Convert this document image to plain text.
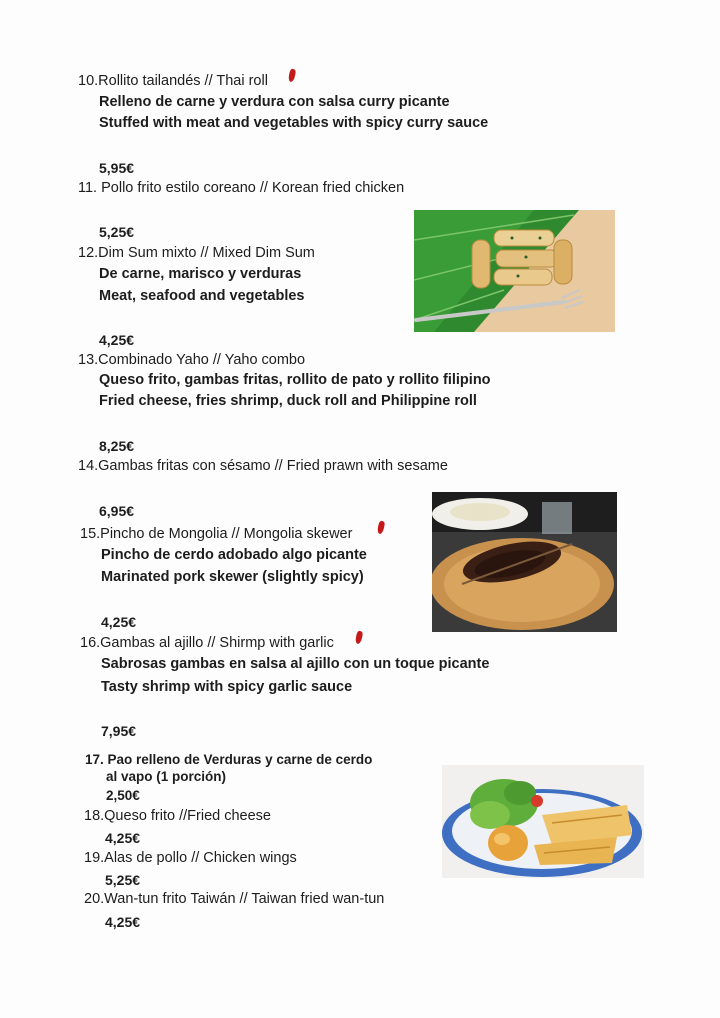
10.Rollito tailandés // Thai roll
Relleno de carne y verdura con salsa curry picante
Stuffed with meat and vegetables with spicy curry sauce
5,95€
11. Pollo frito estilo coreano // Korean fried chicken
5,25€
12.Dim Sum mixto // Mixed Dim Sum
De carne, marisco y verduras
Meat, seafood and vegetables
4,25€
13.Combinado Yaho // Yaho combo
Queso frito, gambas fritas, rollito de pato y rollito filipino
Fried cheese, fries shrimp, duck roll and Philippine roll
8,25€
14.Gambas fritas con sésamo // Fried prawn with sesame
6,95€
15.Pincho de Mongolia // Mongolia skewer
Pincho de cerdo adobado algo picante
Marinated pork skewer (slightly spicy)
4,25€
16.Gambas al ajillo // Shirmp with garlic
Sabrosas gambas en salsa al ajillo con un toque picante
Tasty shrimp with spicy garlic sauce
7,95€
17. Pao relleno de Verduras y carne de cerdo
al vapo (1 porción)
2,50€
18.Queso frito //Fried cheese
4,25€
19.Alas de pollo // Chicken wings
5,25€
20.Wan-tun frito Taiwán // Taiwan fried wan-tun
4,25€
